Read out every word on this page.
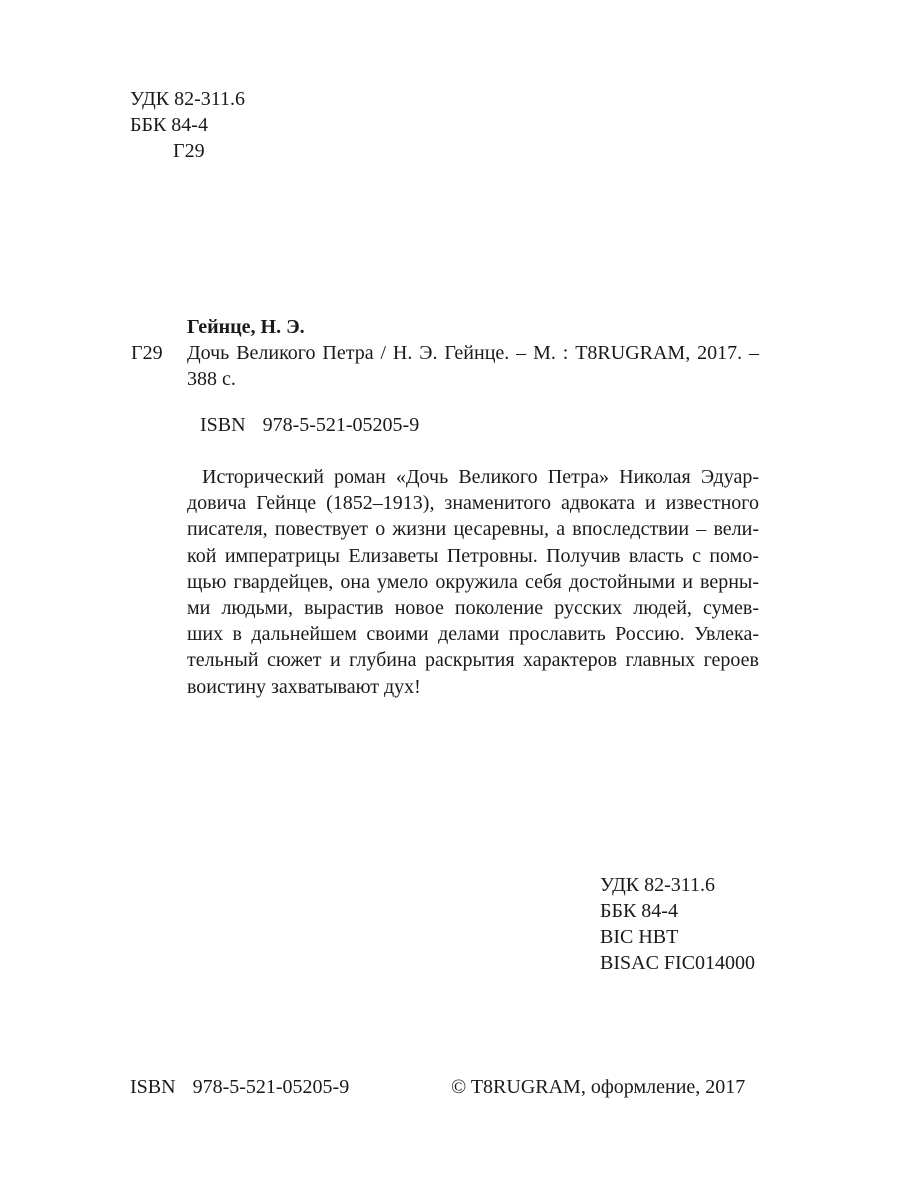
УДК 82-311.6
ББК 84-4
Г29
Гейнце, Н. Э.
Г29 Дочь Великого Петра / Н. Э. Гейнце. – М. : T8RUGRAM, 2017. –
388 с.
ISBN 978-5-521-05205-9
Исторический роман «Дочь Великого Петра» Николая Эдуар-
довича Гейнце (1852–1913), знаменитого адвоката и известного
писателя, повествует о жизни цесаревны, а впоследствии – вели-
кой императрицы Елизаветы Петровны. Получив власть с помо-
щью гвардейцев, она умело окружила себя достойными и верны-
ми людьми, вырастив новое поколение русских людей, сумев-
ших в дальнейшем своими делами прославить Россию. Увлека-
тельный сюжет и глубина раскрытия характеров главных героев
воистину захватывают дух!
УДК 82-311.6
ББК 84-4
BIC HBT
BISAC FIC014000
ISBN 978-5-521-05205-9	© T8RUGRAM, оформление, 2017
